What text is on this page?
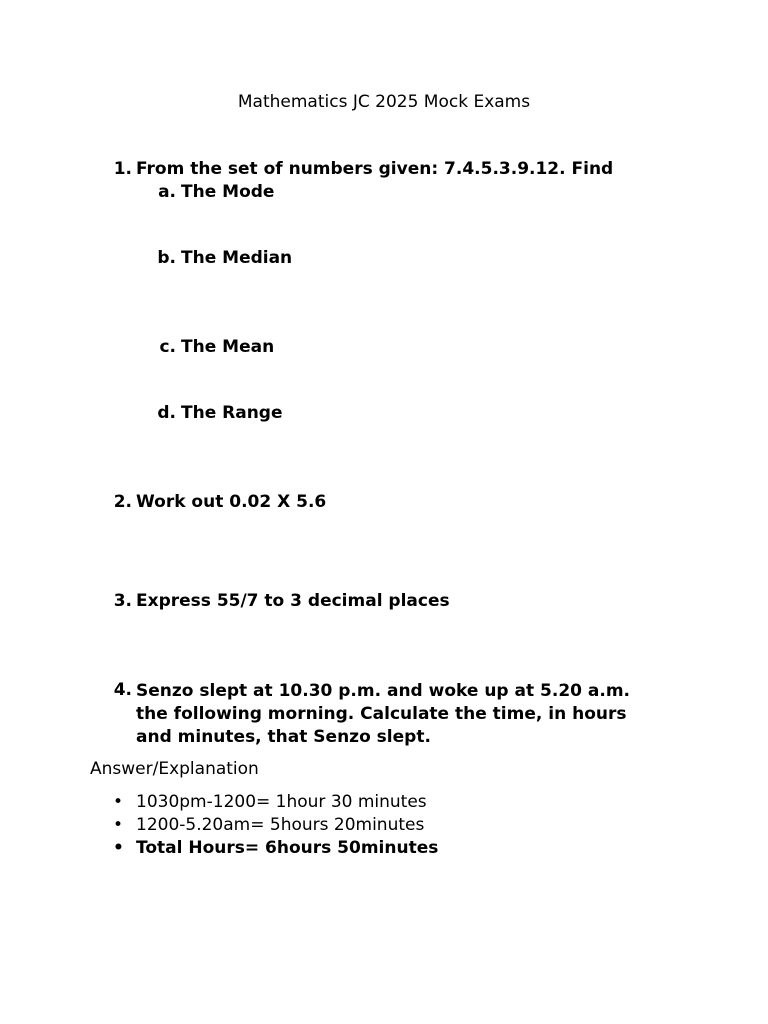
Mathematics JC 2025 Mock Exams
1. From the set of numbers given: 7.4.5.3.9.12. Find
a. The Mode
b. The Median
c. The Mean
d. The Range
2. Work out 0.02 X 5.6
3. Express 55/7 to 3 decimal places
4. Senzo slept at 10.30 p.m. and woke up at 5.20 a.m.
the following morning. Calculate the time, in hours
and minutes, that Senzo slept.
Answer/Explanation
• 1030pm-1200= 1hour 30 minutes
• 1200-5.20am= 5hours 20minutes
• Total Hours= 6hours 50minutes
